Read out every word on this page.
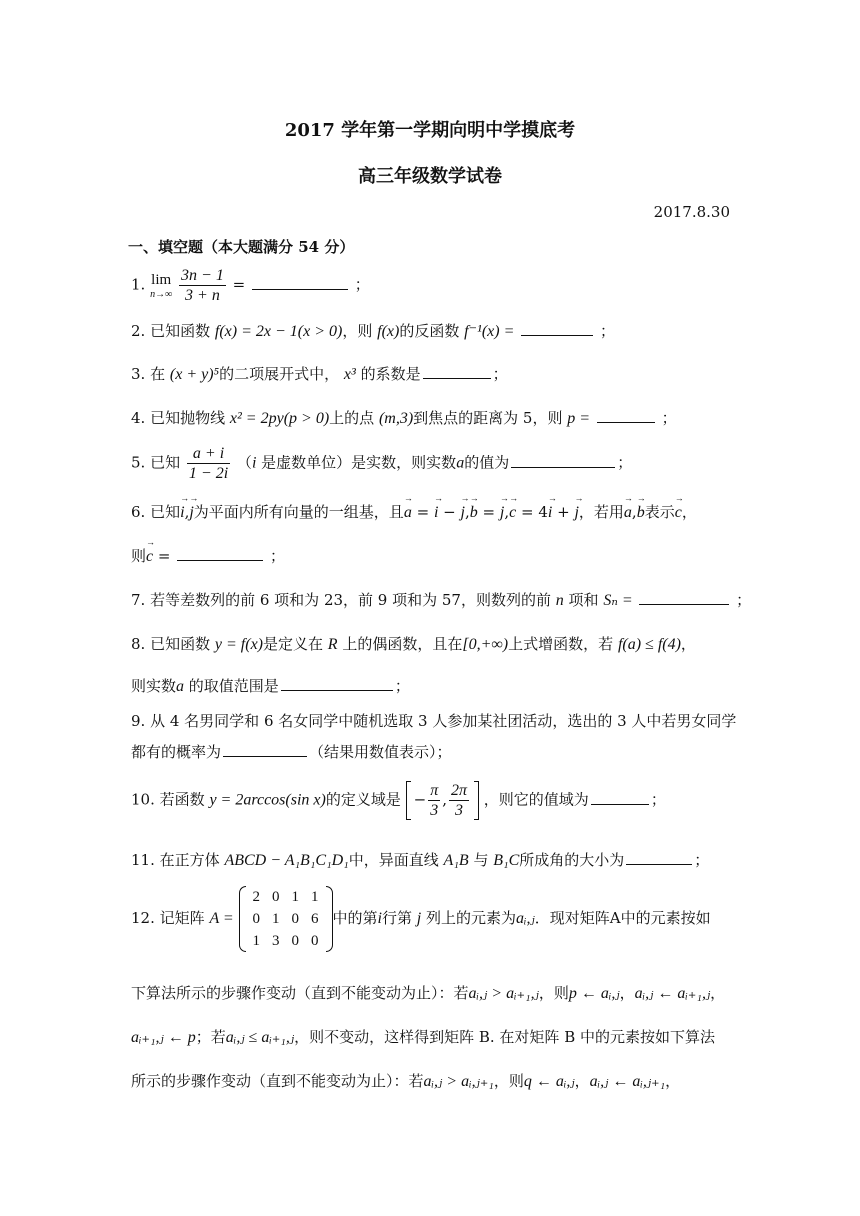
2017 学年第一学期向明中学摸底考
高三年级数学试卷
2017.8.30
一、填空题（本大题满分 54 分）
1. lim
n→∞
$\frac{3n - 1}{3 + n}$ =	；
2. 已知函数 f(x) = 2x − 1(x > 0)，则 f(x)的反函数 f⁻¹(x) =	；
3. 在 (x + y)⁵的二项展开式中， x³ 的系数是	；
4. 已知抛物线 x² = 2py(p > 0)上的点 (m,3)到焦点的距离为 5，则 p =	；
5. 已知 $\frac{a + i}{1 - 2i} (i$ 是虚数单位）是实数，则实数a的值为	；
6. 已知→ i,→ j为平面内所有向量的一组基，且→ a = → i − → j,→ b = → j,→ c = 4→ i + → j，若用→ a,→ b表示→ c，
则→ c =	；
7. 若等差数列的前 6 项和为 23，前 9 项和为 57，则数列的前 n 项和 Sₙ =	；
8. 已知函数 y = f(x)是定义在 R 上的偶函数，且在[0,+∞)上式增函数，若 f(a) ≤ f(4)，
则实数a 的取值范围是	；
9. 从 4 名男同学和 6 名女同学中随机选取 3 人参加某社团活动，选出的 3 人中若男女同学
都有的概率为	（结果用数值表示）；
10. 若函数 y = 2arccos(sin x)的定义域是 − $\frac{\pi}{3}$ , $\frac{2\pi}{3}$ ，则它的值域为	；
11. 在正方体 ABCD − A₁B₁C₁D₁中，异面直线 A₁B 与 B₁C所成角的大小为	；
12. 记矩阵 A =
2	0	1	1
0	1	0	6
1	3	0	0
中的第i行第 j 列上的元素为aᵢ,ⱼ．现对矩阵A中的元素按如
下算法所示的步骤作变动（直到不能变动为止）：若aᵢ,ⱼ > aᵢ₊₁,ⱼ，则p ← aᵢ,ⱼ，aᵢ,ⱼ ← aᵢ₊₁,ⱼ，
aᵢ₊₁,ⱼ ← p；若aᵢ,ⱼ ≤ aᵢ₊₁,ⱼ，则不变动，这样得到矩阵 B. 在对矩阵 B 中的元素按如下算法
所示的步骤作变动（直到不能变动为止）：若aᵢ,ⱼ > aᵢ,ⱼ₊₁，则q ← aᵢ,ⱼ，aᵢ,ⱼ ← aᵢ,ⱼ₊₁，
